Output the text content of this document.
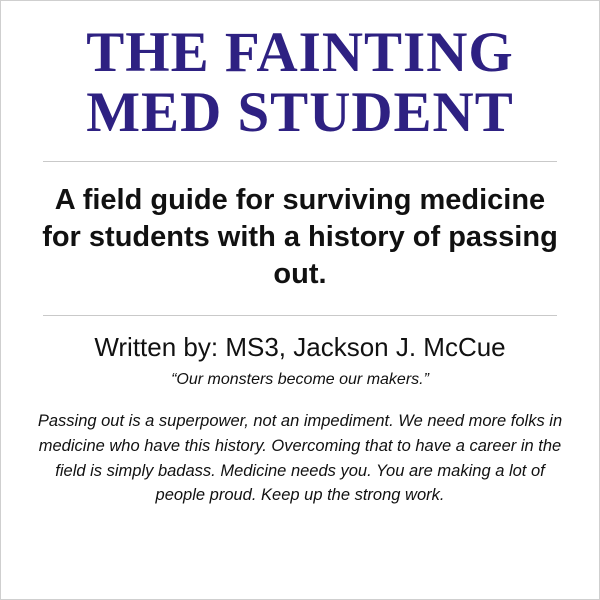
THE FAINTING
MED STUDENT
A field guide for surviving medicine for students with a history of passing out.
Written by: MS3, Jackson J. McCue
“Our monsters become our makers.”
Passing out is a superpower, not an impediment. We need more folks in medicine who have this history. Overcoming that to have a career in the field is simply badass. Medicine needs you. You are making a lot of people proud. Keep up the strong work.
